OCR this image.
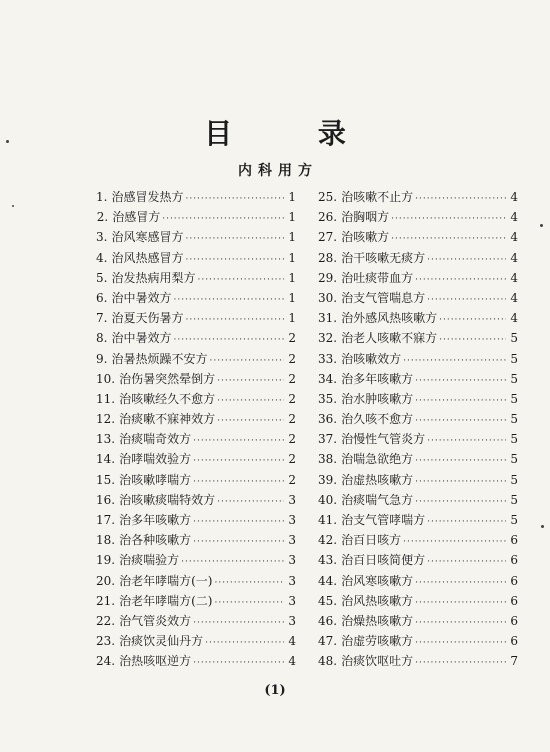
目 录
内科用方
1. 治感冒发热方 ·····	1
2. 治感冒方 ·····	1
3. 治风寒感冒方 ·····	1
4. 治风热感冒方 ·····	1
5. 治发热病用梨方 ·····	1
6. 治中暑效方 ·····	1
7. 治夏天伤暑方 ·····	1
8. 治中暑效方 ·····	2
9. 治暑热烦躁不安方 ·····	2
10. 治伤暑突然晕倒方 ·····	2
11. 治咳嗽经久不愈方 ·····	2
12. 治痰嗽不寐神效方 ·····	2
13. 治痰喘奇效方 ·····	2
14. 治哮喘效验方 ·····	2
15. 治咳嗽哮喘方 ·····	2
16. 治咳嗽痰喘特效方 ·····	3
17. 治多年咳嗽方 ·····	3
18. 治各种咳嗽方 ·····	3
19. 治痰喘验方 ·····	3
20. 治老年哮喘方(一) ·····	3
21. 治老年哮喘方(二) ·····	3
22. 治气管炎效方 ·····	3
23. 治痰饮灵仙丹方 ·····	4
24. 治热咳呕逆方 ·····	4
25. 治咳嗽不止方 ·····	4
26. 治胸咽方 ·····	4
27. 治咳嗽方 ·····	4
28. 治干咳嗽无痰方 ·····	4
29. 治吐痰带血方 ·····	4
30. 治支气管喘息方 ·····	4
31. 治外感风热咳嗽方 ·····	4
32. 治老人咳嗽不寐方 ·····	5
33. 治咳嗽效方 ·····	5
34. 治多年咳嗽方 ·····	5
35. 治水肿咳嗽方 ·····	5
36. 治久咳不愈方 ·····	5
37. 治慢性气管炎方 ·····	5
38. 治喘急欲绝方 ·····	5
39. 治虚热咳嗽方 ·····	5
40. 治痰喘气急方 ·····	5
41. 治支气管哮喘方 ·····	5
42. 治百日咳方 ·····	6
43. 治百日咳简便方 ·····	6
44. 治风寒咳嗽方 ·····	6
45. 治风热咳嗽方 ·····	6
46. 治燥热咳嗽方 ·····	6
47. 治虚劳咳嗽方 ·····	6
48. 治痰饮呕吐方 ·····	7
(1)
